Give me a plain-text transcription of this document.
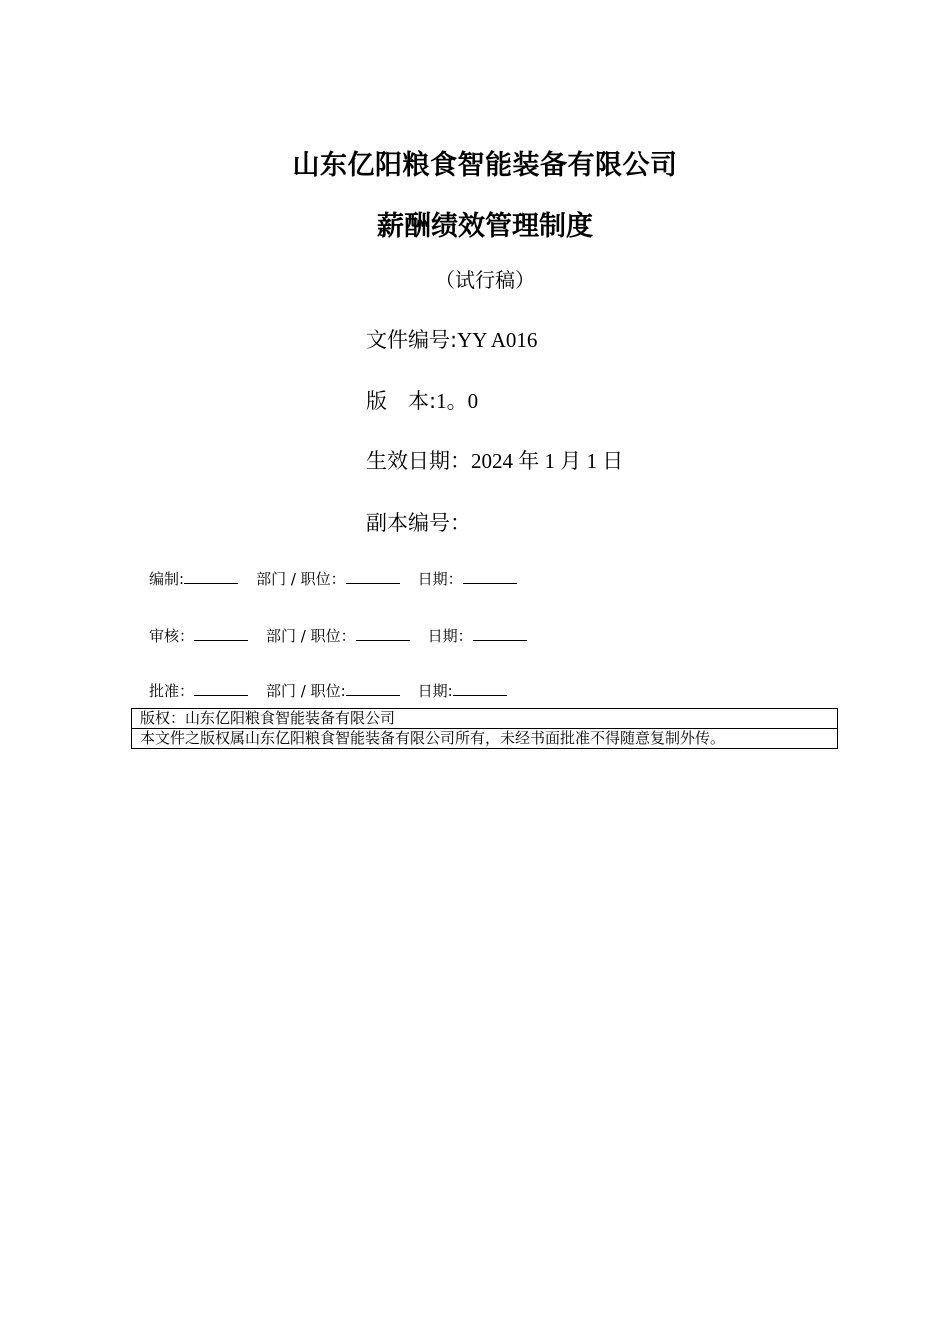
山东亿阳粮食智能装备有限公司
薪酬绩效管理制度
（试行稿）
文件编号:YY A016
版　本:1。0
生效日期：2024 年 1 月 1 日
副本编号：
编制:	部门 / 职位：	日期：
审核：	部门 / 职位：	日期：
批准：	部门 / 职位:	日期:
版权：山东亿阳粮食智能装备有限公司
本文件之版权属山东亿阳粮食智能装备有限公司所有，未经书面批准不得随意复制外传。
